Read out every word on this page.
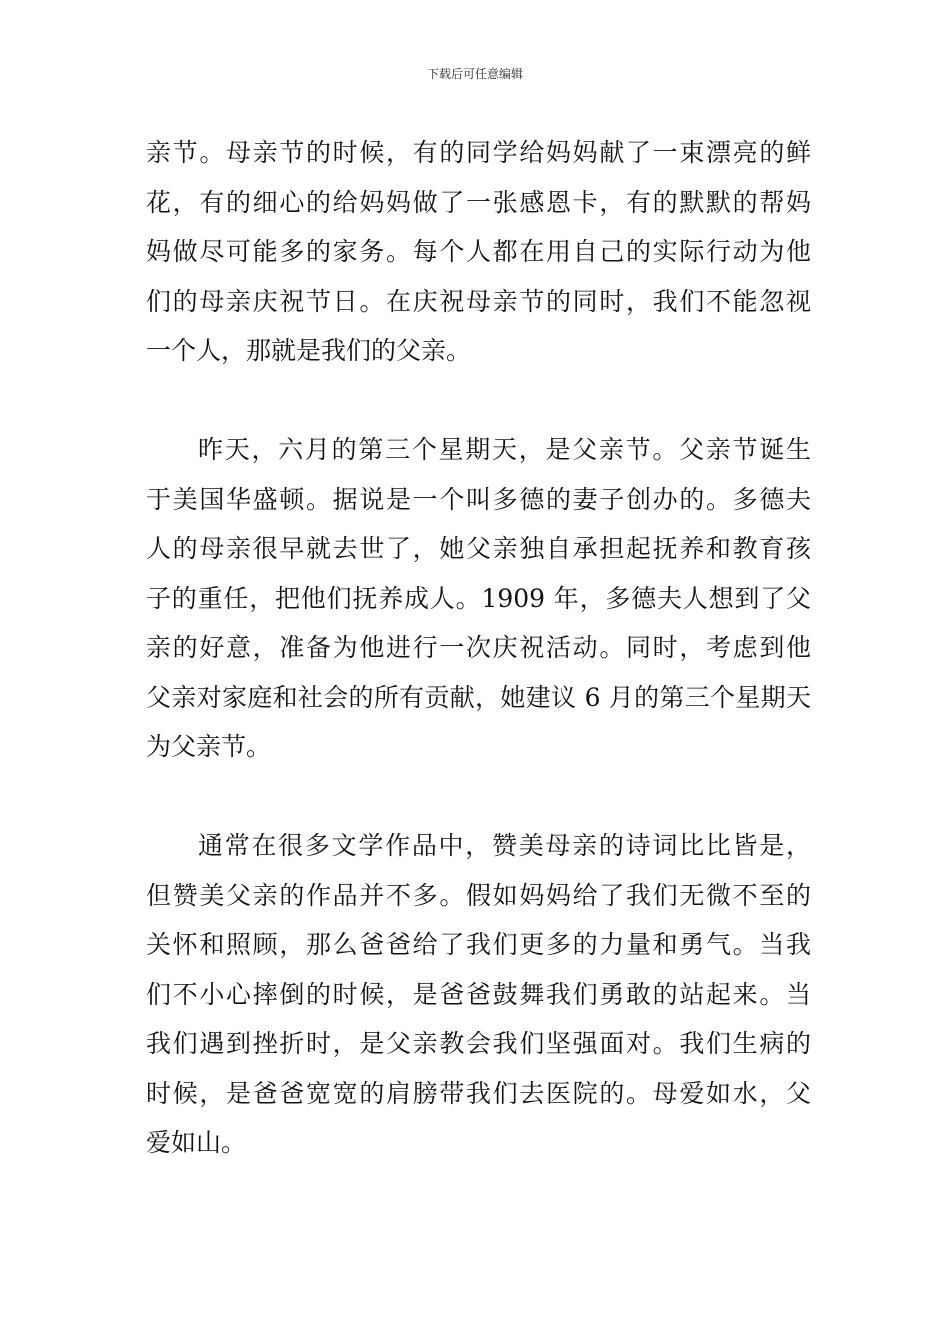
下载后可任意编辑
亲节。母亲节的时候，有的同学给妈妈献了一束漂亮的鲜
花，有的细心的给妈妈做了一张感恩卡，有的默默的帮妈
妈做尽可能多的家务。每个人都在用自己的实际行动为他
们的母亲庆祝节日。在庆祝母亲节的同时，我们不能忽视
一个人，那就是我们的父亲。
昨天，六月的第三个星期天，是父亲节。父亲节诞生
于美国华盛顿。据说是一个叫多德的妻子创办的。多德夫
人的母亲很早就去世了，她父亲独自承担起抚养和教育孩
子的重任，把他们抚养成人。1909 年，多德夫人想到了父
亲的好意，准备为他进行一次庆祝活动。同时，考虑到他
父亲对家庭和社会的所有贡献，她建议 6 月的第三个星期天
为父亲节。
通常在很多文学作品中，赞美母亲的诗词比比皆是，
但赞美父亲的作品并不多。假如妈妈给了我们无微不至的
关怀和照顾，那么爸爸给了我们更多的力量和勇气。当我
们不小心摔倒的时候，是爸爸鼓舞我们勇敢的站起来。当
我们遇到挫折时，是父亲教会我们坚强面对。我们生病的
时候，是爸爸宽宽的肩膀带我们去医院的。母爱如水，父
爱如山。
